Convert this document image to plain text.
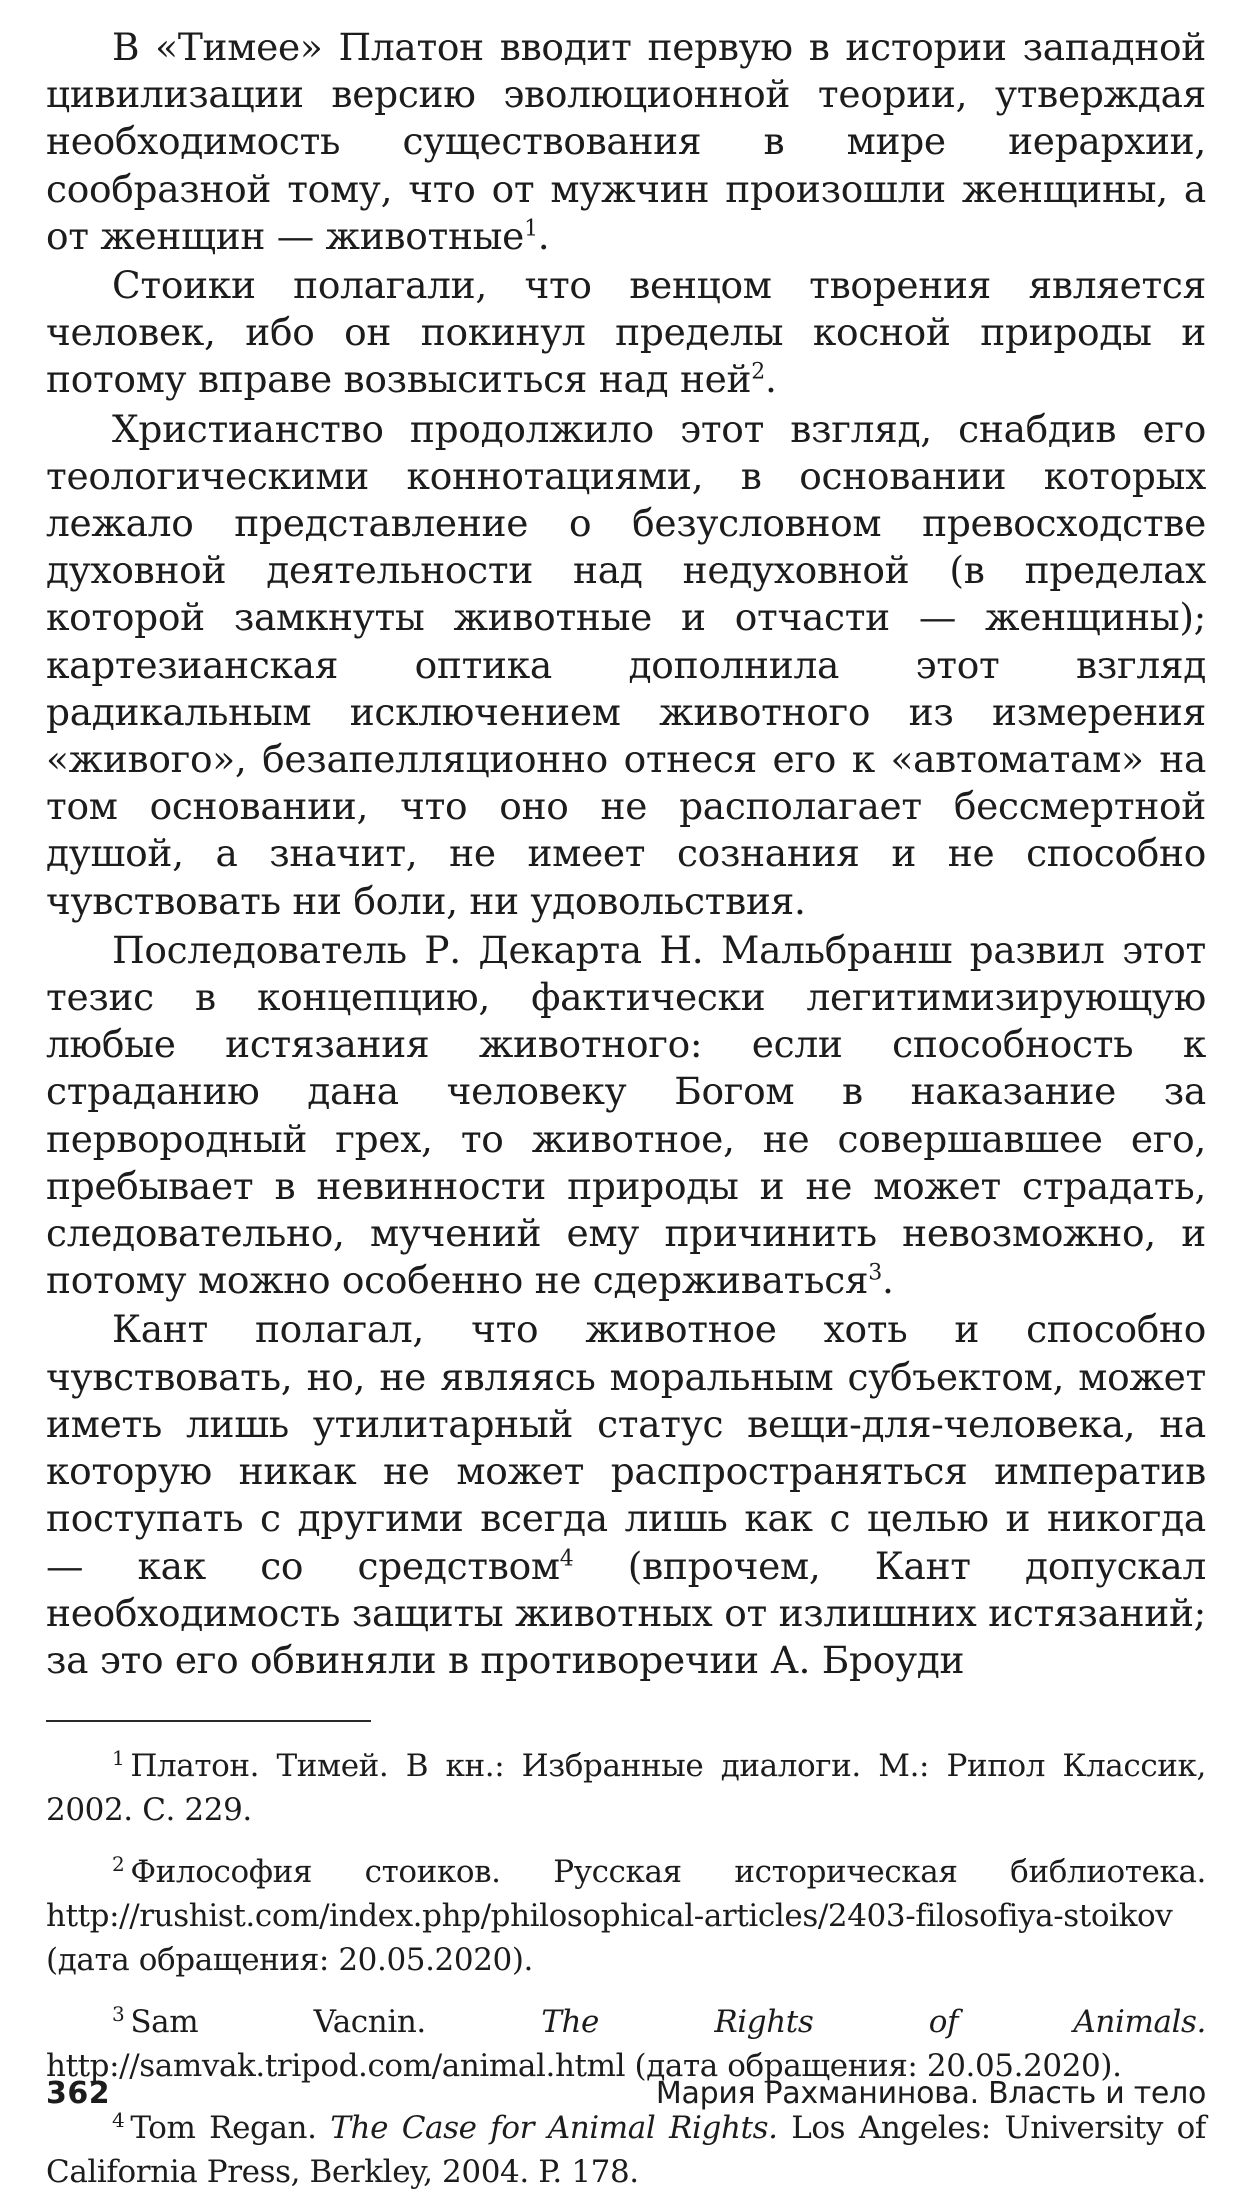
В «Тимее» Платон вводит первую в истории западной цивилизации версию эволюционной теории, утверждая необходимость существования в мире иерархии, сообразной тому, что от мужчин произошли женщины, а от женщин — животные$^1$.

Стоики полагали, что венцом творения является человек, ибо он покинул пределы косной природы и потому вправе возвыситься над ней$^2$.

Христианство продолжило этот взгляд, снабдив его теологическими коннотациями, в основании которых лежало представление о безусловном превосходстве духовной деятельности над недуховной (в пределах которой замкнуты животные и отчасти — женщины); картезианская оптика дополнила этот взгляд радикальным исключением животного из измерения «живого», безапелляционно отнеся его к «автоматам» на том основании, что оно не располагает бессмертной душой, а значит, не имеет сознания и не способно чувствовать ни боли, ни удовольствия.

Последователь Р. Декарта Н. Мальбранш развил этот тезис в концепцию, фактически легитимизирующую любые истязания животного: если способность к страданию дана человеку Богом в наказание за первородный грех, то животное, не совершавшее его, пребывает в невинности природы и не может страдать, следовательно, мучений ему причинить невозможно, и потому можно особенно не сдерживаться$^3$.

Кант полагал, что животное хоть и способно чувствовать, но, не являясь моральным субъектом, может иметь лишь утилитарный статус вещи-для-человека, на которую никак не может распространяться императив поступать с другими всегда лишь как с целью и никогда — как со средством$^4$ (впрочем, Кант допускал необходимость защиты животных от излишних истязаний; за это его обвиняли в противоречии А. Броуди

$^1$ Платон. Тимей. В кн.: Избранные диалоги. М.: Рипол Классик, 2002. С. 229.

$^2$ Философия стоиков. Русская историческая библиотека. http://rushist.com/index.php/philosophical-articles/2403-filosofiya-stoikov (дата обращения: 20.05.2020).

$^3$ Sam Vacnin. The Rights of Animals. http://samvak.tripod.com/animal.html (дата обращения: 20.05.2020).

$^4$ Tom Regan. The Case for Animal Rights. Los Angeles: University of California Press, Berkley, 2004. P. 178.

362	Мария Рахманинова. Власть и тело
